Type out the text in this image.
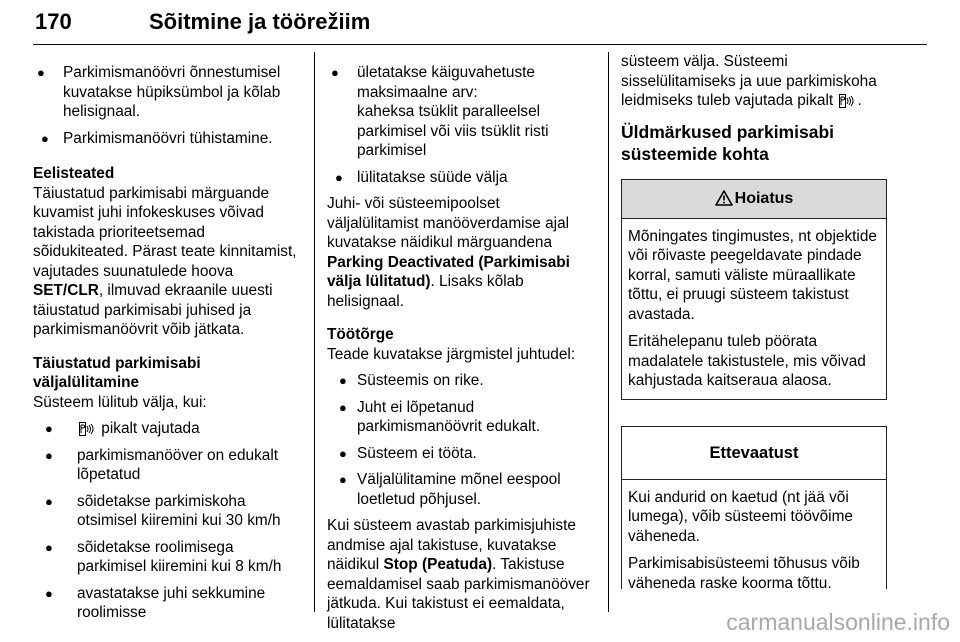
170	Sõitmine ja töörežiim
● Parkimismanöövri õnnestumisel kuvatakse hüpiksümbol ja kõlab helisignaal.
● Parkimismanöövri tühistamine.

Eelisteated

Täiustatud parkimisabi märguande kuvamist juhi infokeskuses võivad takistada prioriteetsemad sõidukiteated. Pärast teate kinnitamist, vajutades suunatulede hoova SET/CLR, ilmuvad ekraanile uuesti täiustatud parkimisabi juhised ja parkimismanöövrit võib jätkata.

Täiustatud parkimisabi väljalülitamine

Süsteem lülitub välja, kui:

●	pikalt vajutada
● parkimismanööver on edukalt lõpetatud
● sõidetakse parkimiskoha otsimisel kiiremini kui 30 km/h
● sõidetakse roolimisega parkimisel kiiremini kui 8 km/h
● avastatakse juhi sekkumine roolimisse
● ületatakse käiguvahetuste maksimaalne arv:
kaheksa tsüklit paralleelsel parkimisel või viis tsüklit risti parkimisel
● lülitatakse süüde välja

Juhi- või süsteemipoolset väljalülitamist manööverdamise ajal kuvatakse näidikul märguandena Parking Deactivated (Parkimisabi välja lülitatud). Lisaks kõlab helisignaal.

Töötõrge

Teade kuvatakse järgmistel juhtudel:

● Süsteemis on rike.
● Juht ei lõpetanud parkimismanöövrit edukalt.
● Süsteem ei tööta.
● Väljalülitamine mõnel eespool loetletud põhjusel.

Kui süsteem avastab parkimisjuhiste andmise ajal takistuse, kuvatakse näidikul Stop (Peatuda). Takistuse eemaldamisel saab parkimismanööver jätkuda. Kui takistust ei eemaldata, lülitatakse

süsteem välja. Süsteemi sisselülitamiseks ja uue parkimiskoha leidmiseks tuleb vajutada pikalt .

Üldmärkused parkimisabi süsteemide kohta

Hoiatus

Mõningates tingimustes, nt objektide või rõivaste peegeldavate pindade korral, samuti väliste müraallikate tõttu, ei pruugi süsteem takistust avastada.

Eritähelepanu tuleb pöörata madalatele takistustele, mis võivad kahjustada kaitseraua alaosa.

Ettevaatust

Kui andurid on kaetud (nt jää või lumega), võib süsteemi töövõime väheneda.

Parkimisabisüsteemi tõhusus võib väheneda raske koorma tõttu.

carmanualsonline.info
